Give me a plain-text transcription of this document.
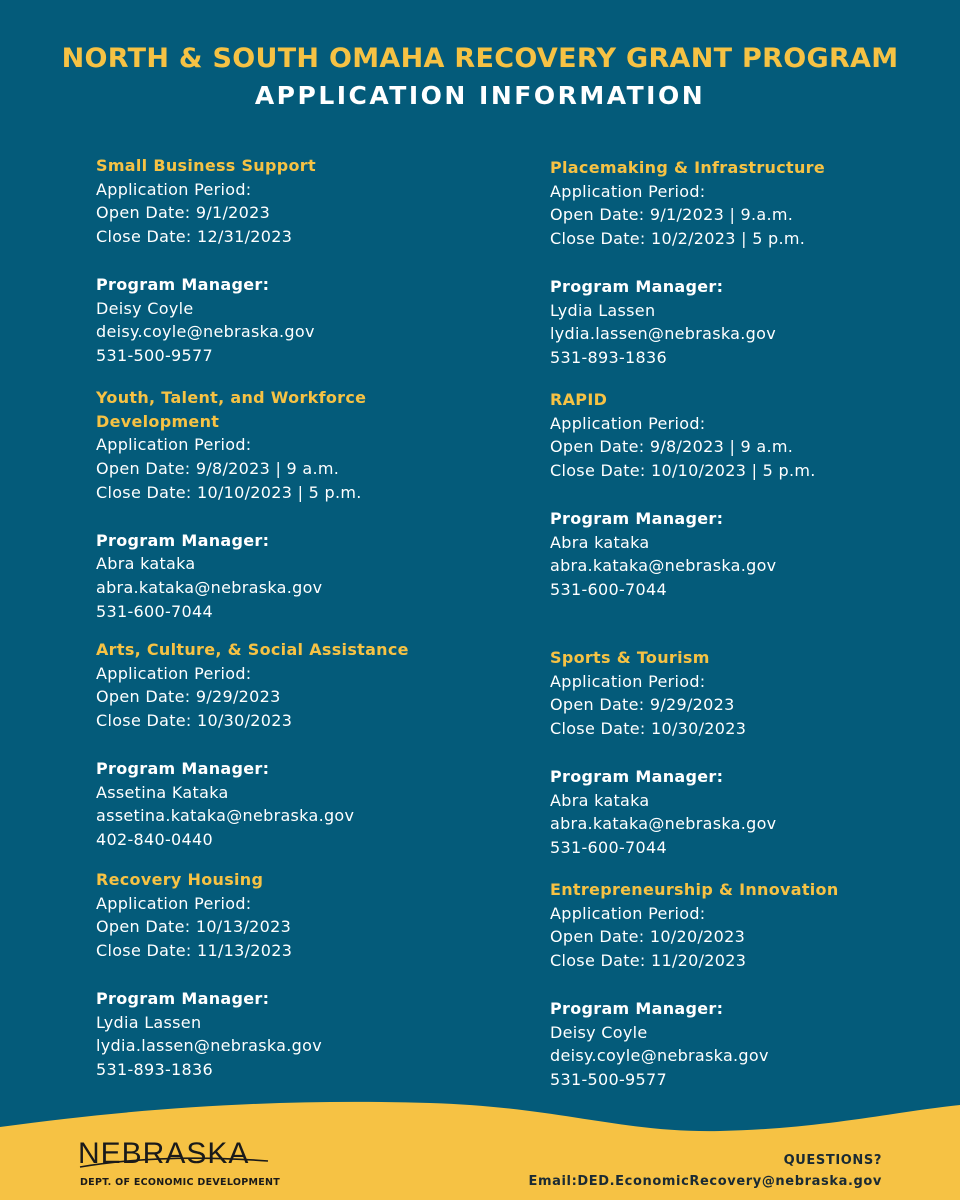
NORTH & SOUTH OMAHA RECOVERY GRANT PROGRAM
APPLICATION INFORMATION
Small Business Support
Application Period:
Open Date: 9/1/2023
Close Date: 12/31/2023
Program Manager:
Deisy Coyle
deisy.coyle@nebraska.gov
531-500-9577
Youth, Talent, and Workforce
Development
Application Period:
Open Date: 9/8/2023 | 9 a.m.
Close Date: 10/10/2023 | 5 p.m.
Program Manager:
Abra kataka
abra.kataka@nebraska.gov
531-600-7044
Arts, Culture, & Social Assistance
Application Period:
Open Date: 9/29/2023
Close Date: 10/30/2023
Program Manager:
Assetina Kataka
assetina.kataka@nebraska.gov
402-840-0440
Recovery Housing
Application Period:
Open Date: 10/13/2023
Close Date: 11/13/2023
Program Manager:
Lydia Lassen
lydia.lassen@nebraska.gov
531-893-1836
Placemaking & Infrastructure
Application Period:
Open Date: 9/1/2023 | 9.a.m.
Close Date: 10/2/2023 | 5 p.m.
Program Manager:
Lydia Lassen
lydia.lassen@nebraska.gov
531-893-1836
RAPID
Application Period:
Open Date: 9/8/2023 | 9 a.m.
Close Date: 10/10/2023 | 5 p.m.
Program Manager:
Abra kataka
abra.kataka@nebraska.gov
531-600-7044
Sports & Tourism
Application Period:
Open Date: 9/29/2023
Close Date: 10/30/2023
Program Manager:
Abra kataka
abra.kataka@nebraska.gov
531-600-7044
Entrepreneurship & Innovation
Application Period:
Open Date: 10/20/2023
Close Date: 11/20/2023
Program Manager:
Deisy Coyle
deisy.coyle@nebraska.gov
531-500-9577
NEBRASKA
DEPT. OF ECONOMIC DEVELOPMENT
QUESTIONS?
Email:DED.EconomicRecovery@nebraska.gov
